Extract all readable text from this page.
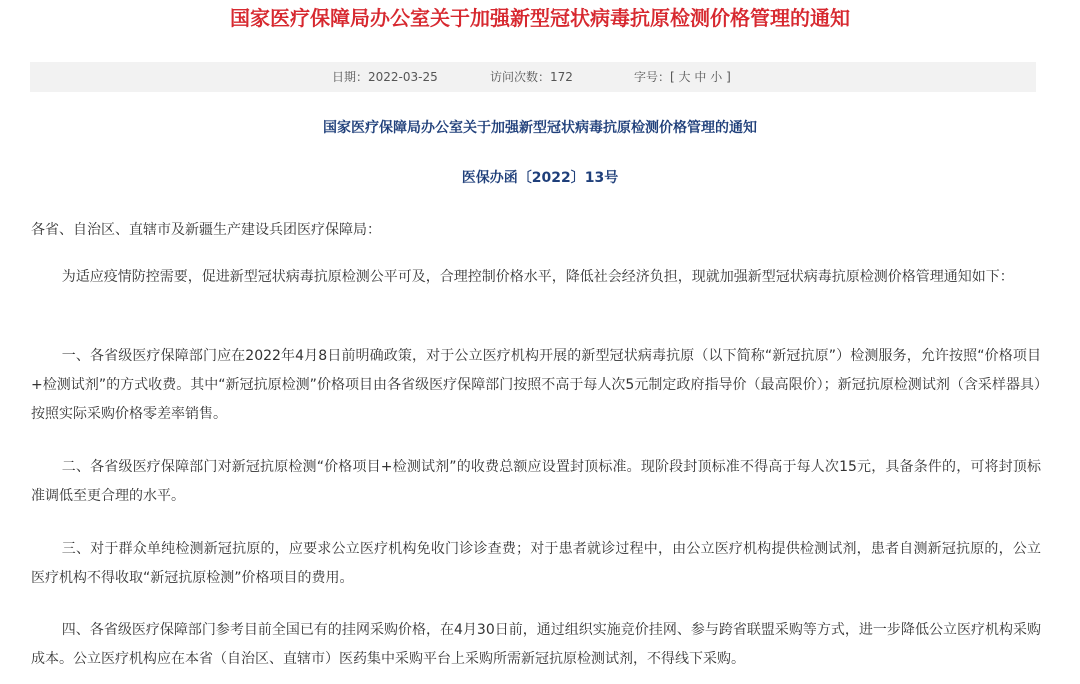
国家医疗保障局办公室关于加强新型冠状病毒抗原检测价格管理的通知
日期：2022-03-25	访问次数：172	字号：[ 大 中 小 ]
国家医疗保障局办公室关于加强新型冠状病毒抗原检测价格管理的通知
医保办函〔2022〕13号
各省、自治区、直辖市及新疆生产建设兵团医疗保障局：

为适应疫情防控需要，促进新型冠状病毒抗原检测公平可及，合理控制价格水平，降低社会经济负担，现就加强新型冠状病毒抗原检测价格管理通知如下：

一、各省级医疗保障部门应在2022年4月8日前明确政策，对于公立医疗机构开展的新型冠状病毒抗原（以下简称“新冠抗原”）检测服务，允许按照“价格项目+检测试剂”的方式收费。其中“新冠抗原检测”价格项目由各省级医疗保障部门按照不高于每人次5元制定政府指导价（最高限价）；新冠抗原检测试剂（含采样器具）按照实际采购价格零差率销售。

二、各省级医疗保障部门对新冠抗原检测“价格项目+检测试剂”的收费总额应设置封顶标准。现阶段封顶标准不得高于每人次15元，具备条件的，可将封顶标准调低至更合理的水平。

三、对于群众单纯检测新冠抗原的，应要求公立医疗机构免收门诊诊查费；对于患者就诊过程中，由公立医疗机构提供检测试剂，患者自测新冠抗原的，公立医疗机构不得收取“新冠抗原检测”价格项目的费用。

四、各省级医疗保障部门参考目前全国已有的挂网采购价格，在4月30日前，通过组织实施竞价挂网、参与跨省联盟采购等方式，进一步降低公立医疗机构采购成本。公立医疗机构应在本省（自治区、直辖市）医药集中采购平台上采购所需新冠抗原检测试剂，不得线下采购。
